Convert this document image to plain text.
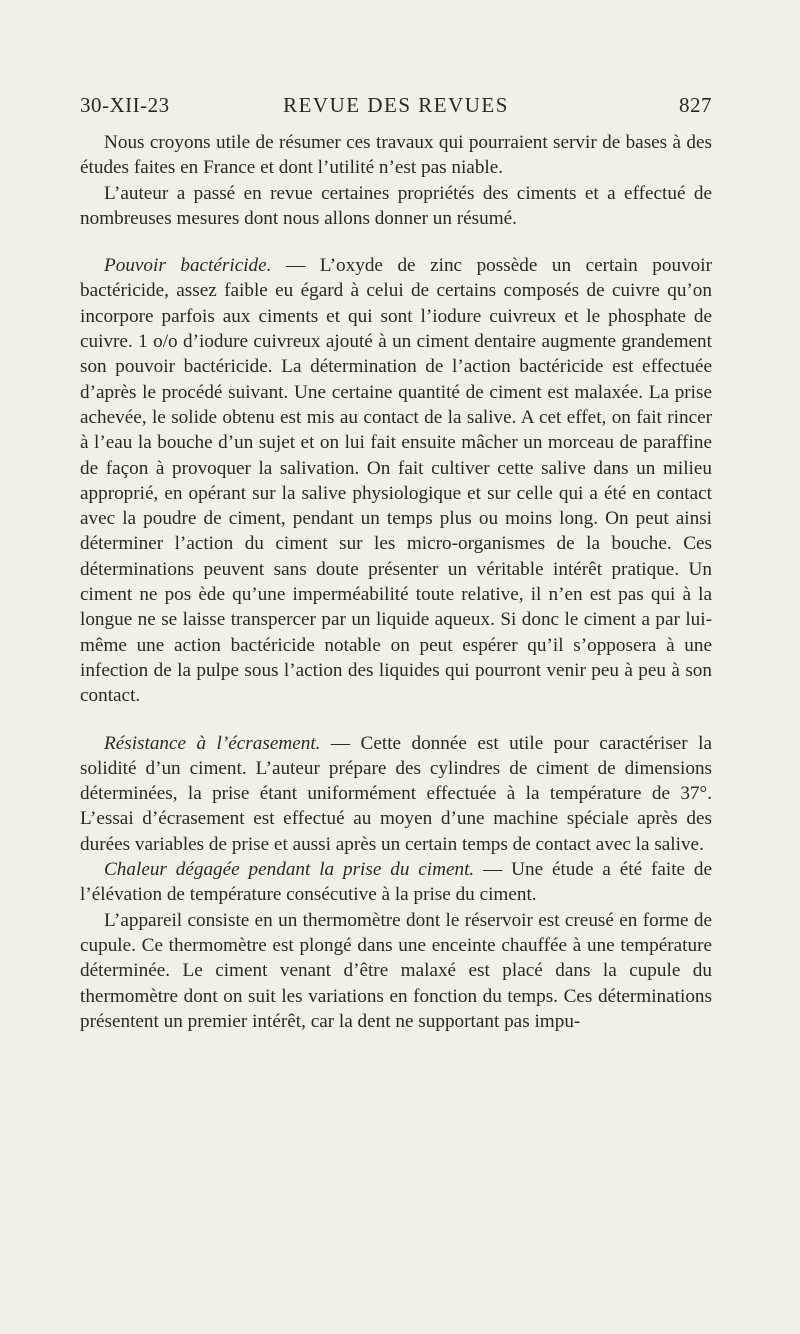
30-XII-23	REVUE DES REVUES	827

Nous croyons utile de résumer ces travaux qui pourraient servir de bases à des études faites en France et dont l’utilité n’est pas niable.

L’auteur a passé en revue certaines propriétés des ciments et a effectué de nombreuses mesures dont nous allons donner un résumé.

Pouvoir bactéricide. — L’oxyde de zinc possède un certain pouvoir bactéricide, assez faible eu égard à celui de certains composés de cuivre qu’on incorpore parfois aux ciments et qui sont l’iodure cuivreux et le phosphate de cuivre. 1 o/o d’iodure cuivreux ajouté à un ciment dentaire augmente grandement son pouvoir bactéricide. La détermination de l’action bactéricide est effectuée d’après le procédé suivant. Une certaine quantité de ciment est malaxée. La prise achevée, le solide obtenu est mis au contact de la salive. A cet effet, on fait rincer à l’eau la bouche d’un sujet et on lui fait ensuite mâcher un morceau de paraffine de façon à provoquer la salivation. On fait cultiver cette salive dans un milieu approprié, en opérant sur la salive physiologique et sur celle qui a été en contact avec la poudre de ciment, pendant un temps plus ou moins long. On peut ainsi déterminer l’action du ciment sur les micro-organismes de la bouche. Ces déterminations peuvent sans doute présenter un véritable intérêt pratique. Un ciment ne pos ède qu’une imperméabilité toute relative, il n’en est pas qui à la longue ne se laisse transpercer par un liquide aqueux. Si donc le ciment a par lui-même une action bactéricide notable on peut espérer qu’il s’opposera à une infection de la pulpe sous l’action des liquides qui pourront venir peu à peu à son contact.

Résistance à l’écrasement. — Cette donnée est utile pour caractériser la solidité d’un ciment. L’auteur prépare des cylindres de ciment de dimensions déterminées, la prise étant uniformément effectuée à la température de 37°. L’essai d’écrasement est effectué au moyen d’une machine spéciale après des durées variables de prise et aussi après un certain temps de contact avec la salive.

Chaleur dégagée pendant la prise du ciment. — Une étude a été faite de l’élévation de température consécutive à la prise du ciment.

L’appareil consiste en un thermomètre dont le réservoir est creusé en forme de cupule. Ce thermomètre est plongé dans une enceinte chauffée à une température déterminée. Le ciment venant d’être malaxé est placé dans la cupule du thermomètre dont on suit les variations en fonction du temps. Ces déterminations présentent un premier intérêt, car la dent ne supportant pas impu-
